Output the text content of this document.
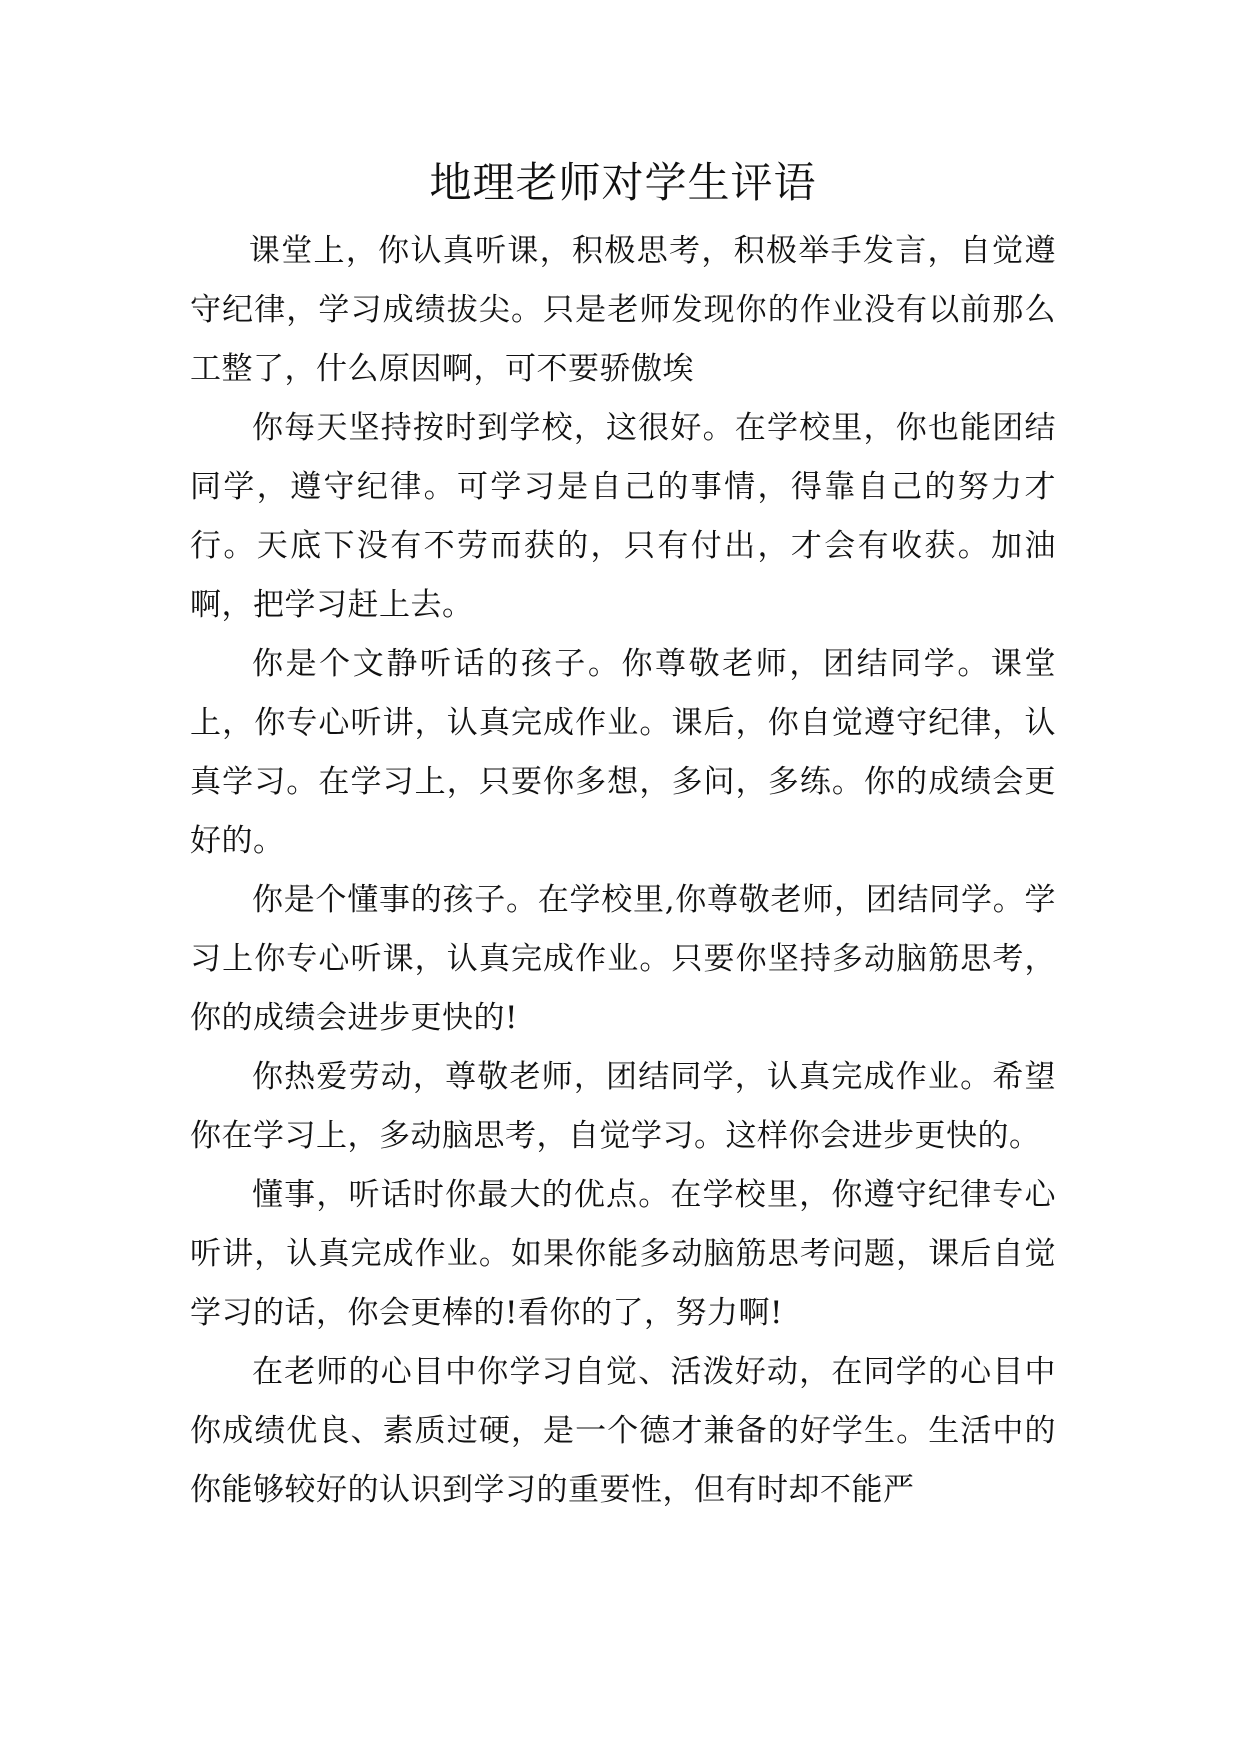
地理老师对学生评语

课堂上，你认真听课，积极思考，积极举手发言，自觉遵守纪律，学习成绩拔尖。只是老师发现你的作业没有以前那么工整了，什么原因啊，可不要骄傲埃

你每天坚持按时到学校，这很好。在学校里，你也能团结同学，遵守纪律。可学习是自己的事情，得靠自己的努力才行。天底下没有不劳而获的，只有付出，才会有收获。加油啊，把学习赶上去。

你是个文静听话的孩子。你尊敬老师，团结同学。课堂上，你专心听讲，认真完成作业。课后，你自觉遵守纪律，认真学习。在学习上，只要你多想，多问，多练。你的成绩会更好的。

你是个懂事的孩子。在学校里,你尊敬老师，团结同学。学习上你专心听课，认真完成作业。只要你坚持多动脑筋思考，你的成绩会进步更快的!

你热爱劳动，尊敬老师，团结同学，认真完成作业。希望你在学习上，多动脑思考，自觉学习。这样你会进步更快的。

懂事，听话时你最大的优点。在学校里，你遵守纪律专心听讲，认真完成作业。如果你能多动脑筋思考问题，课后自觉学习的话，你会更棒的!看你的了，努力啊!

在老师的心目中你学习自觉、活泼好动，在同学的心目中你成绩优良、素质过硬，是一个德才兼备的好学生。生活中的你能够较好的认识到学习的重要性，但有时却不能严
